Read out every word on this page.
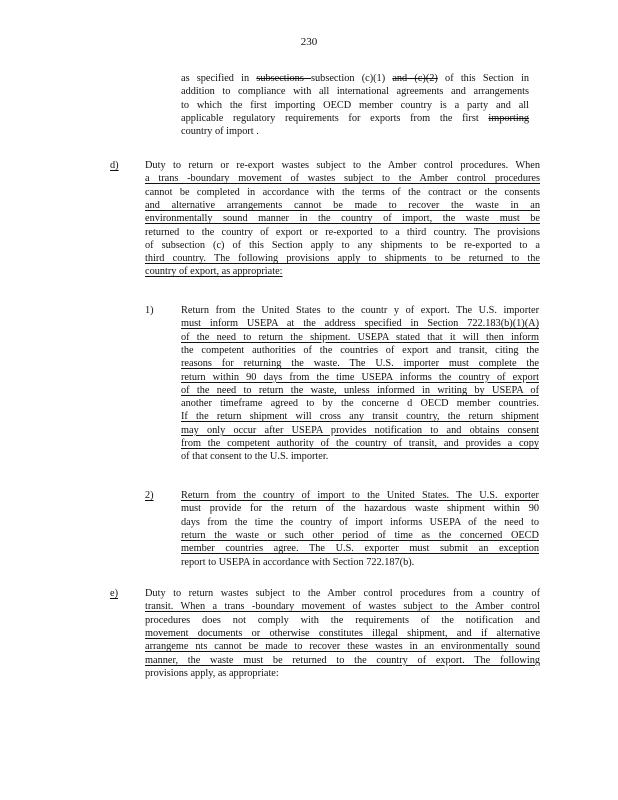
230
as specified in subsections subsection (c)(1) and (c)(2) of this Section in
addition to compliance with all international agreements and arrangements
to which the first importing OECD member country is a party and all
applicable regulatory requirements for exports from the first importing
country of import .
d)	Duty to return or re-export wastes subject to the Amber control procedures. When
a trans -boundary movement of wastes subject to the Amber control procedures
cannot be completed in accordance with the terms of the contract or the consents
and alternative arrangements cannot be made to recover the waste in an
environmentally sound manner in the country of import, the waste must be
returned to the country of export or re-exported to a third country. The provisions
of subsection (c) of this Section apply to any shipments to be re-exported to a
third country. The following provisions apply to shipments to be returned to the
country of export, as appropriate:
1)	Return from the United States to the countr y of export. The U.S. importer
must inform USEPA at the address specified in Section 722.183(b)(1)(A)
of the need to return the shipment. USEPA stated that it will then inform
the competent authorities of the countries of export and transit, citing the
reasons for returning the waste. The U.S. importer must complete the
return within 90 days from the time USEPA informs the country of export
of the need to return the waste, unless informed in writing by USEPA of
another timeframe agreed to by the concerne d OECD member countries.
If the return shipment will cross any transit country, the return shipment
may only occur after USEPA provides notification to and obtains consent
from the competent authority of the country of transit, and provides a copy
of that consent to the U.S. importer.
2)	Return from the country of import to the United States. The U.S. exporter
must provide for the return of the hazardous waste shipment within 90
days from the time the country of import informs USEPA of the need to
return the waste or such other period of time as the concerned OECD
member countries agree. The U.S. exporter must submit an exception
report to USEPA in accordance with Section 722.187(b).
e)	Duty to return wastes subject to the Amber control procedures from a country of
transit. When a trans -boundary movement of wastes subject to the Amber control
procedures does not comply with the requirements of the notification and
movement documents or otherwise constitutes illegal shipment, and if alternative
arrangeme nts cannot be made to recover these wastes in an environmentally sound
manner, the waste must be returned to the country of export. The following
provisions apply, as appropriate:
